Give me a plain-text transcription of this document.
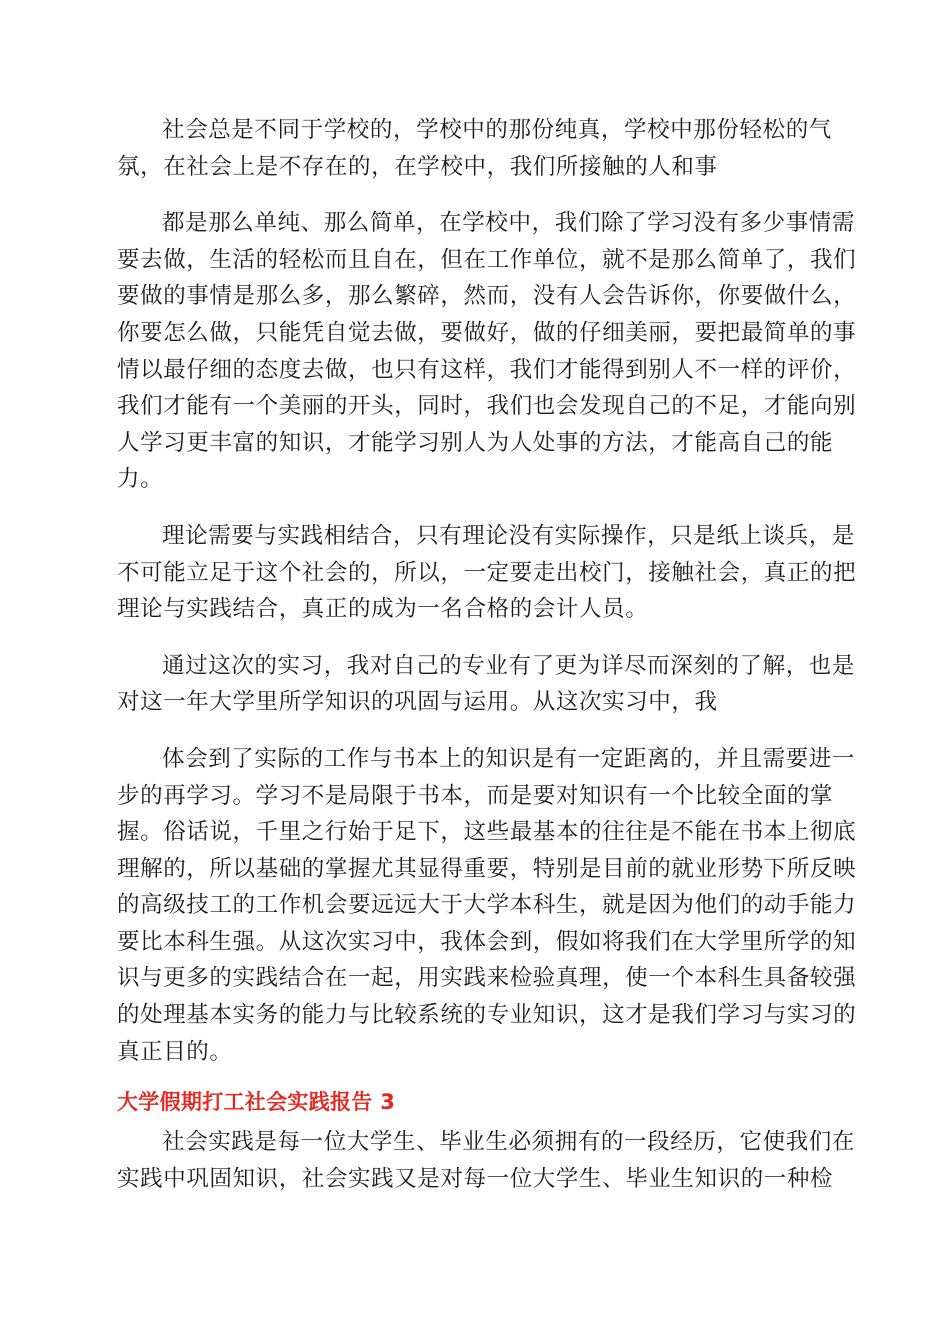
社会总是不同于学校的，学校中的那份纯真，学校中那份轻松的气
氛，在社会上是不存在的，在学校中，我们所接触的人和事
都是那么单纯、那么简单，在学校中，我们除了学习没有多少事情需
要去做，生活的轻松而且自在，但在工作单位，就不是那么简单了，我们
要做的事情是那么多，那么繁碎，然而，没有人会告诉你，你要做什么，
你要怎么做，只能凭自觉去做，要做好，做的仔细美丽，要把最简单的事
情以最仔细的态度去做，也只有这样，我们才能得到别人不一样的评价，
我们才能有一个美丽的开头，同时，我们也会发现自己的不足，才能向别
人学习更丰富的知识，才能学习别人为人处事的方法，才能高自己的能
力。
理论需要与实践相结合，只有理论没有实际操作，只是纸上谈兵，是
不可能立足于这个社会的，所以，一定要走出校门，接触社会，真正的把
理论与实践结合，真正的成为一名合格的会计人员。
通过这次的实习，我对自己的专业有了更为详尽而深刻的了解，也是
对这一年大学里所学知识的巩固与运用。从这次实习中，我
体会到了实际的工作与书本上的知识是有一定距离的，并且需要进一
步的再学习。学习不是局限于书本，而是要对知识有一个比较全面的掌
握。俗话说，千里之行始于足下，这些最基本的往往是不能在书本上彻底
理解的，所以基础的掌握尤其显得重要，特别是目前的就业形势下所反映
的高级技工的工作机会要远远大于大学本科生，就是因为他们的动手能力
要比本科生强。从这次实习中，我体会到，假如将我们在大学里所学的知
识与更多的实践结合在一起，用实践来检验真理，使一个本科生具备较强
的处理基本实务的能力与比较系统的专业知识，这才是我们学习与实习的
真正目的。
大学假期打工社会实践报告 3
社会实践是每一位大学生、毕业生必须拥有的一段经历，它使我们在
实践中巩固知识，社会实践又是对每一位大学生、毕业生知识的一种检
